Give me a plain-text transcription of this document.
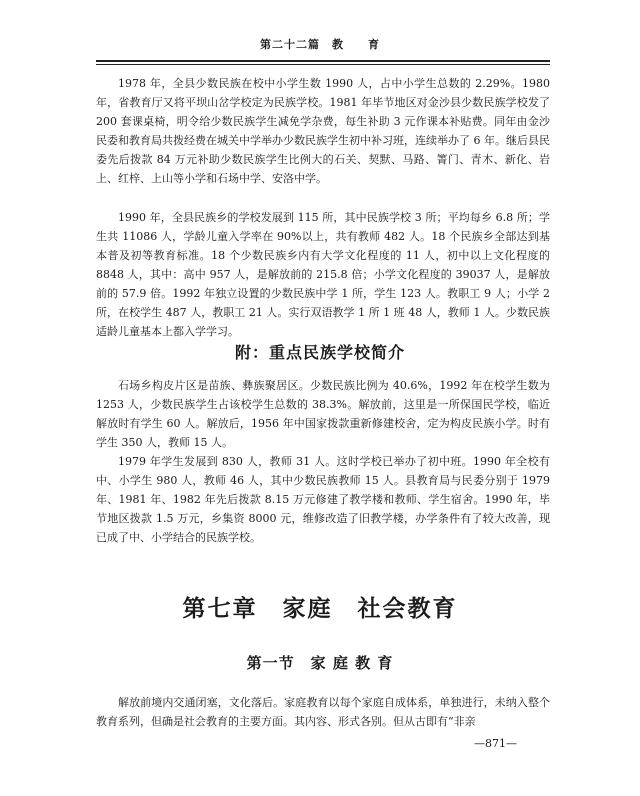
第二十二篇　教　　育

1978 年，全县少数民族在校中小学生数 1990 人，占中小学生总数的 2.29%。1980 年，省教育厅又将平坝山岔学校定为民族学校。1981 年毕节地区对金沙县少数民族学校发了 200 套课桌椅，明令给少数民族学生减免学杂费，每生补助 3 元作课本补贴费。同年由金沙民委和教育局共拨经费在城关中学举办少数民族学生初中补习班，连续举办了 6 年。继后县民委先后拨款 84 万元补助少数民族学生比例大的石关、契默、马路、箐门、青木、新化、岩上、红梓、上山等小学和石场中学、安洛中学。

1990 年，全县民族乡的学校发展到 115 所，其中民族学校 3 所；平均每乡 6.8 所；学生共 11086 人，学龄儿童入学率在 90%以上，共有教师 482 人。18 个民族乡全部达到基本普及初等教育标准。18 个少数民族乡内有大学文化程度的 11 人，初中以上文化程度的 8848 人，其中：高中 957 人，是解放前的 215.8 倍；小学文化程度的 39037 人，是解放前的 57.9 倍。1992 年独立设置的少数民族中学 1 所，学生 123 人。教职工 9 人；小学 2 所，在校学生 487 人，教职工 21 人。实行双语教学 1 所 1 班 48 人，教师 1 人。少数民族适龄儿童基本上都入学学习。

附：重点民族学校简介

石场乡构皮片区是苗族、彝族聚居区。少数民族比例为 40.6%，1992 年在校学生数为 1253 人，少数民族学生占该校学生总数的 38.3%。解放前，这里是一所保国民学校，临近解放时有学生 60 人。解放后，1956 年中国家拨款重新修建校舍，定为构皮民族小学。时有学生 350 人，教师 15 人。

1979 年学生发展到 830 人，教师 31 人。这时学校已举办了初中班。1990 年全校有中、小学生 980 人，教师 46 人，其中少数民族教师 15 人。县教育局与民委分别于 1979 年、1981 年、1982 年先后拨款 8.15 万元修建了教学楼和教师、学生宿舍。1990 年，毕节地区拨款 1.5 万元，乡集资 8000 元，维修改造了旧教学楼，办学条件有了较大改善，现已成了中、小学结合的民族学校。

第七章　家庭　社会教育
第一节　家 庭 教 育

解放前境内交通闭塞，文化落后。家庭教育以每个家庭自成体系，单独进行，未纳入整个教育系列，但确是社会教育的主要方面。其内容、形式各别。但从古即有“非亲

—871—
